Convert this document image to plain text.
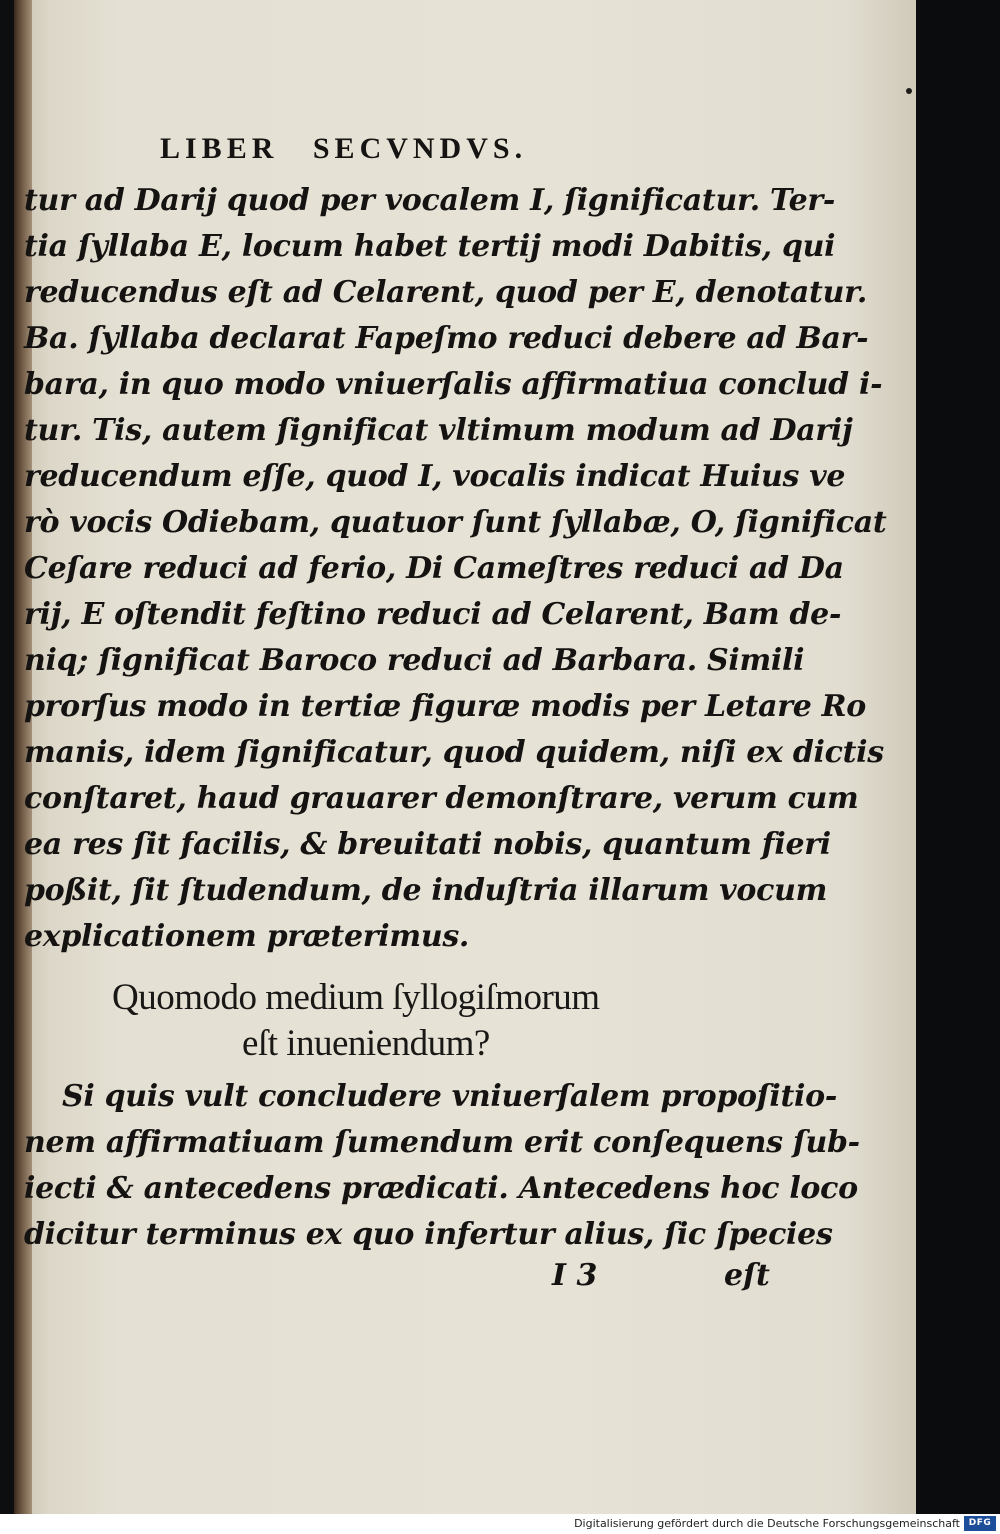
LIBER SECVNDVS.
tur ad Darij quod per vocalem I, ſignificatur. Ter-
tia ſyllaba E, locum habet tertij modi Dabitis, qui
reducendus eſt ad Celarent, quod per E, denotatur.
Ba. ſyllaba declarat Fapeſmo reduci debere ad Bar-
bara, in quo modo vniuerſalis affirmatiua conclud i-
tur. Tis, autem ſignificat vltimum modum ad Darij
reducendum eſſe, quod I, vocalis indicat Huius ve
rò vocis Odiebam, quatuor ſunt ſyllabæ, O, ſignificat
Ceſare reduci ad ferio, Di Cameſtres reduci ad Da
rij, E oſtendit feſtino reduci ad Celarent, Bam de-
niq; ſignificat Baroco reduci ad Barbara. Simili
prorſus modo in tertiæ figuræ modis per Letare Ro
manis, idem ſignificatur, quod quidem, niſi ex dictis
conſtaret, haud grauarer demonſtrare, verum cum
ea res ſit facilis, & breuitati nobis, quantum fieri
poßit, ſit ſtudendum, de induſtria illarum vocum
explicationem præterimus.
Quomodo medium ſyllogiſmorum
eſt inueniendum?
Si quis vult concludere vniuerſalem propoſitio-
nem affirmatiuam ſumendum erit conſequens ſub-
iecti & antecedens prædicati. Antecedens hoc loco
dicitur terminus ex quo infertur alius, ſic ſpecies
I 3	eſt
Digitalisierung gefördert durch die Deutsche Forschungsgemeinschaft DFG
